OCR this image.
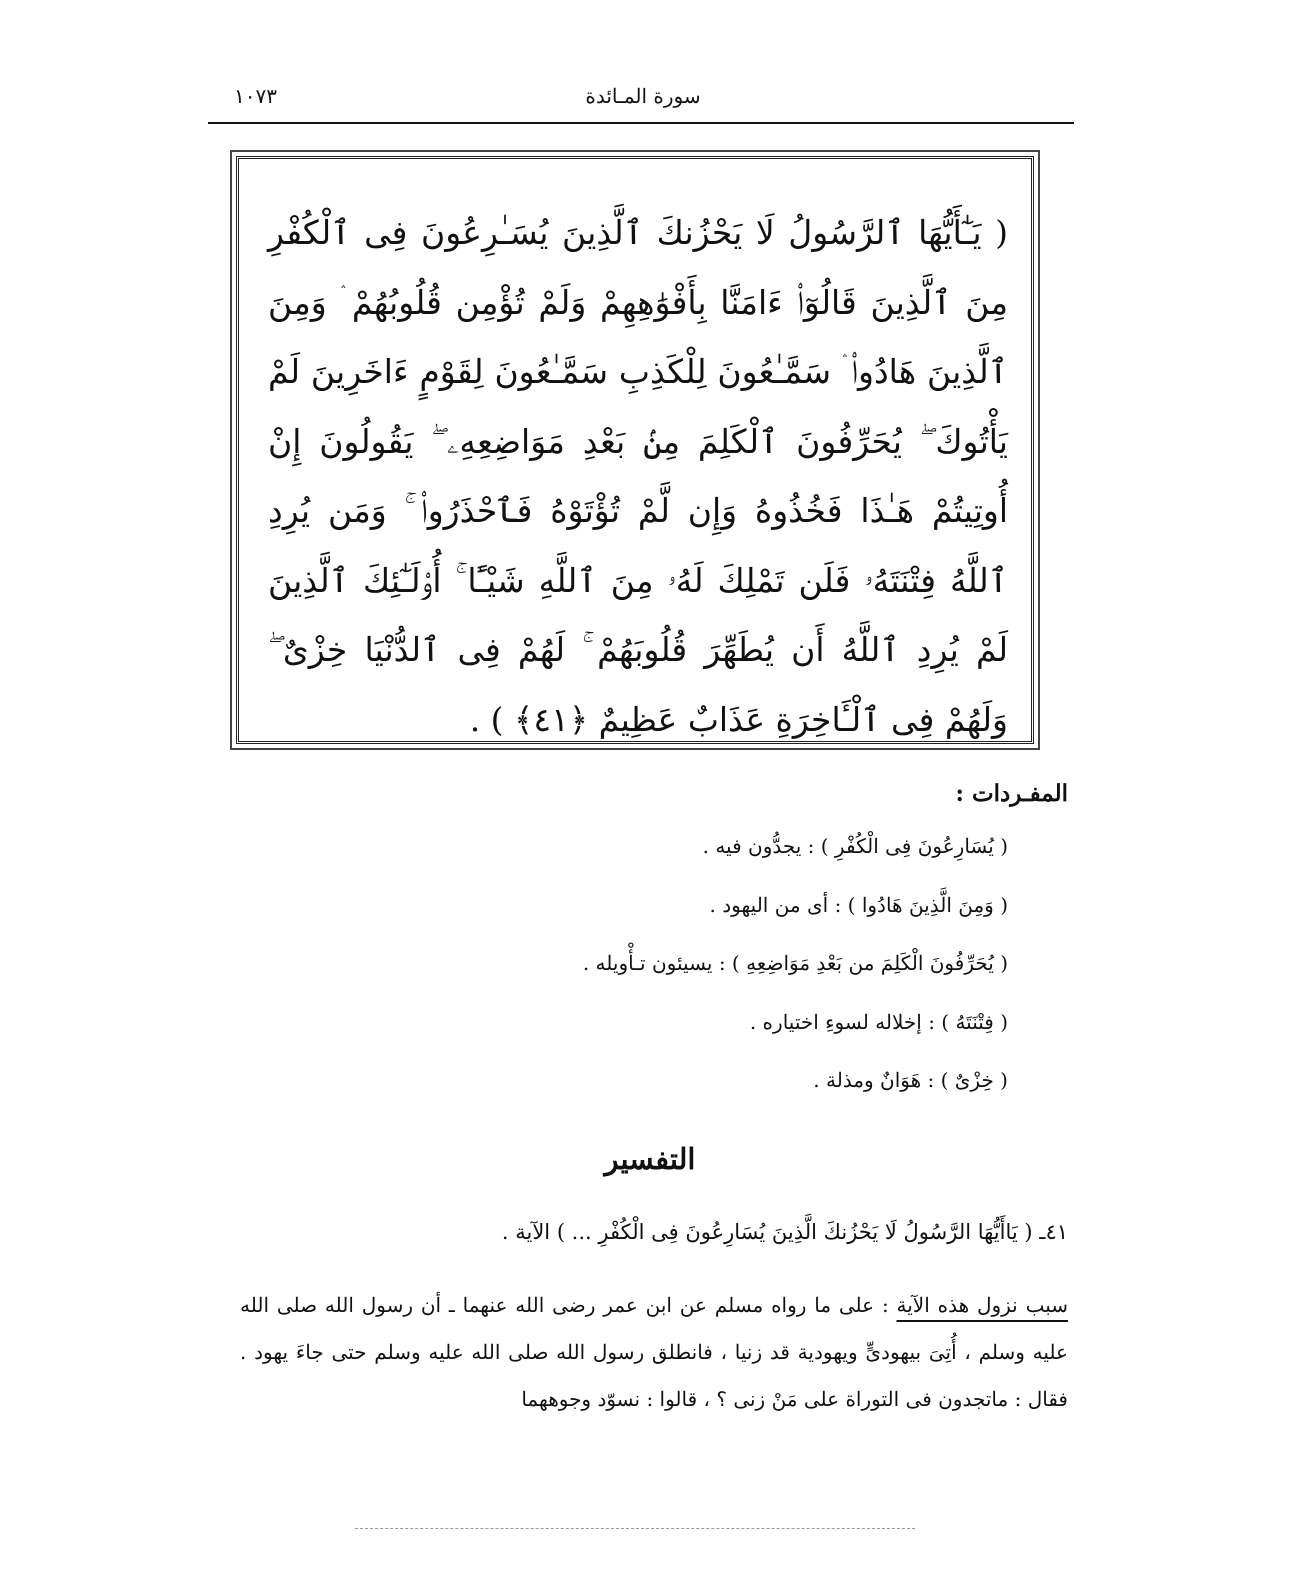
سورة المـائدة
١٠٧٣
( يَـٰٓأَيُّهَا ٱلرَّسُولُ لَا يَحْزُنكَ ٱلَّذِينَ يُسَـٰرِعُونَ فِى ٱلْكُفْرِ مِنَ ٱلَّذِينَ قَالُوٓا۟ ءَامَنَّا بِأَفْوَٰهِهِمْ وَلَمْ تُؤْمِن قُلُوبُهُمْ ۛ وَمِنَ ٱلَّذِينَ هَادُوا۟ ۛ سَمَّـٰعُونَ لِلْكَذِبِ سَمَّـٰعُونَ لِقَوْمٍ ءَاخَرِينَ لَمْ يَأْتُوكَ ۖ يُحَرِّفُونَ ٱلْكَلِمَ مِنۢ بَعْدِ مَوَاضِعِهِۦ ۖ يَقُولُونَ إِنْ أُوتِيتُمْ هَـٰذَا فَخُذُوهُ وَإِن لَّمْ تُؤْتَوْهُ فَٱحْذَرُوا۟ ۚ وَمَن يُرِدِ ٱللَّهُ فِتْنَتَهُۥ فَلَن تَمْلِكَ لَهُۥ مِنَ ٱللَّهِ شَيْـًٔا ۚ أُو۟لَـٰٓئِكَ ٱلَّذِينَ لَمْ يُرِدِ ٱللَّهُ أَن يُطَهِّرَ قُلُوبَهُمْ ۚ لَهُمْ فِى ٱلدُّنْيَا خِزْىٌ ۖ وَلَهُمْ فِى ٱلْـَٔاخِرَةِ عَذَابٌ عَظِيمٌ ﴿٤١﴾ ) .
المفـردات :
( يُسَارِعُونَ فِى الْكُفْرِ ) : يجدُّون فيه .
( وَمِنَ الَّذِينَ هَادُوا ) : أى من اليهود .
( يُحَرِّفُونَ الْكَلِمَ من بَعْدِ مَوَاضِعِهِ ) : يسيئون تـأْويله .
( فِتْنَتَهُ ) : إخلاله لسوءِ اختياره .
( خِزْىٌ ) : هَوَانٌ ومذلة .
التفسير
٤١ـ ( يَاأَيُّهَا الرَّسُولُ لَا يَحْزُنكَ الَّذِينَ يُسَارِعُونَ فِى الْكُفْرِ ... ) الآية .
سبب نزول هذه الآية : على ما رواه مسلم عن ابن عمر رضى الله عنهما ـ أن رسول الله صلى الله عليه وسلم ، أُتِىَ بيهودىٍّ ويهودية قد زنيا ، فانطلق رسول الله صلى الله عليه وسلم حتى جاءَ يهود . فقال : ماتجدون فى التوراة على مَنْ زنى ؟ ، قالوا : نسوّد وجوههما
